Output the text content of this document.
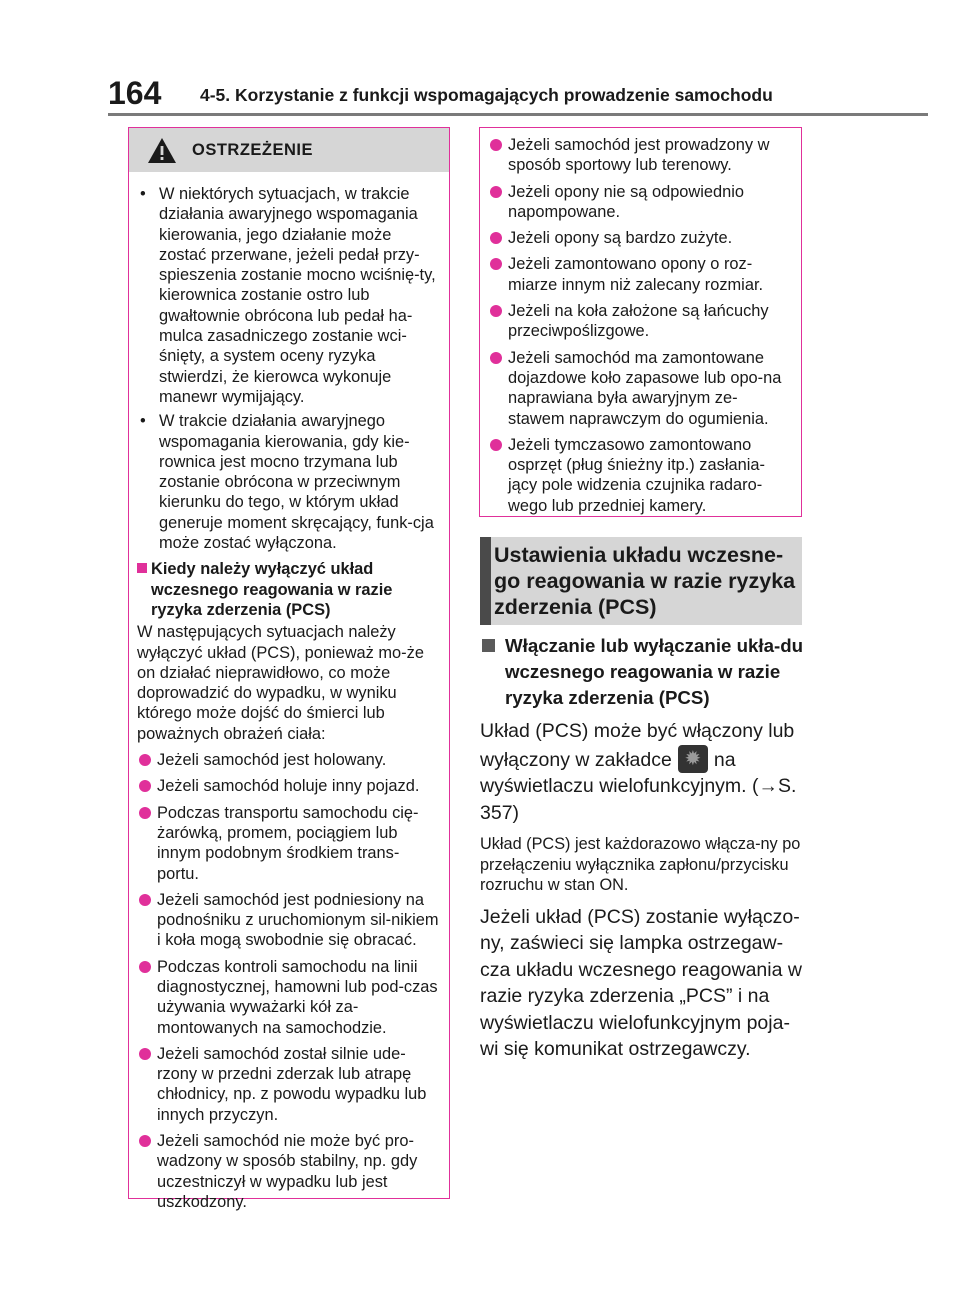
164 4-5. Korzystanie z funkcji wspomagających prowadzenie samochodu
OSTRZEŻENIE
• W niektórych sytuacjach, w trakcie działania awaryjnego wspomagania kierowania, jego działanie może zostać przerwane, jeżeli pedał przy-spieszenia zostanie mocno wciśnię-ty, kierownica zostanie ostro lub gwałtownie obrócona lub pedał ha-mulca zasadniczego zostanie wci-śnięty, a system oceny ryzyka stwierdzi, że kierowca wykonuje manewr wymijający.
• W trakcie działania awaryjnego wspomagania kierowania, gdy kie-rownica jest mocno trzymana lub zostanie obrócona w przeciwnym kierunku do tego, w którym układ generuje moment skręcający, funk-cja może zostać wyłączona.
Kiedy należy wyłączyć układ wczesnego reagowania w razie ryzyka zderzenia (PCS)
W następujących sytuacjach należy wyłączyć układ (PCS), ponieważ mo-że on działać nieprawidłowo, co może doprowadzić do wypadku, w wyniku którego może dojść do śmierci lub poważnych obrażeń ciała:
Jeżeli samochód jest holowany.
Jeżeli samochód holuje inny pojazd.
Podczas transportu samochodu cię-żarówką, promem, pociągiem lub innym podobnym środkiem trans-portu.
Jeżeli samochód jest podniesiony na podnośniku z uruchomionym sil-nikiem i koła mogą swobodnie się obracać.
Podczas kontroli samochodu na linii diagnostycznej, hamowni lub pod-czas używania wyważarki kół za-montowanych na samochodzie.
Jeżeli samochód został silnie ude-rzony w przedni zderzak lub atrapę chłodnicy, np. z powodu wypadku lub innych przyczyn.
Jeżeli samochód nie może być pro-wadzony w sposób stabilny, np. gdy uczestniczył w wypadku lub jest uszkodzony.
Jeżeli samochód jest prowadzony w sposób sportowy lub terenowy.
Jeżeli opony nie są odpowiednio napompowane.
Jeżeli opony są bardzo zużyte.
Jeżeli zamontowano opony o roz-miarze innym niż zalecany rozmiar.
Jeżeli na koła założone są łańcuchy przeciwpoślizgowe.
Jeżeli samochód ma zamontowane dojazdowe koło zapasowe lub opo-na naprawiana była awaryjnym ze-stawem naprawczym do ogumienia.
Jeżeli tymczasowo zamontowano osprzęt (pług śnieżny itp.) zasłania-jący pole widzenia czujnika radaro-wego lub przedniej kamery.
Ustawienia układu wczesne-go reagowania w razie ryzyka zderzenia (PCS)
Włączanie lub wyłączanie ukła-du wczesnego reagowania w razie ryzyka zderzenia (PCS)
Układ (PCS) może być włączony lub wyłączony w zakładce ✹ na wyświetlaczu wielofunkcyjnym. (→S. 357)
Układ (PCS) jest każdorazowo włącza-ny po przełączeniu wyłącznika zapłonu/przycisku rozruchu w stan ON.
Jeżeli układ (PCS) zostanie wyłączo-ny, zaświeci się lampka ostrzegaw-cza układu wczesnego reagowania w razie ryzyka zderzenia „PCS” i na wyświetlaczu wielofunkcyjnym poja-wi się komunikat ostrzegawczy.
